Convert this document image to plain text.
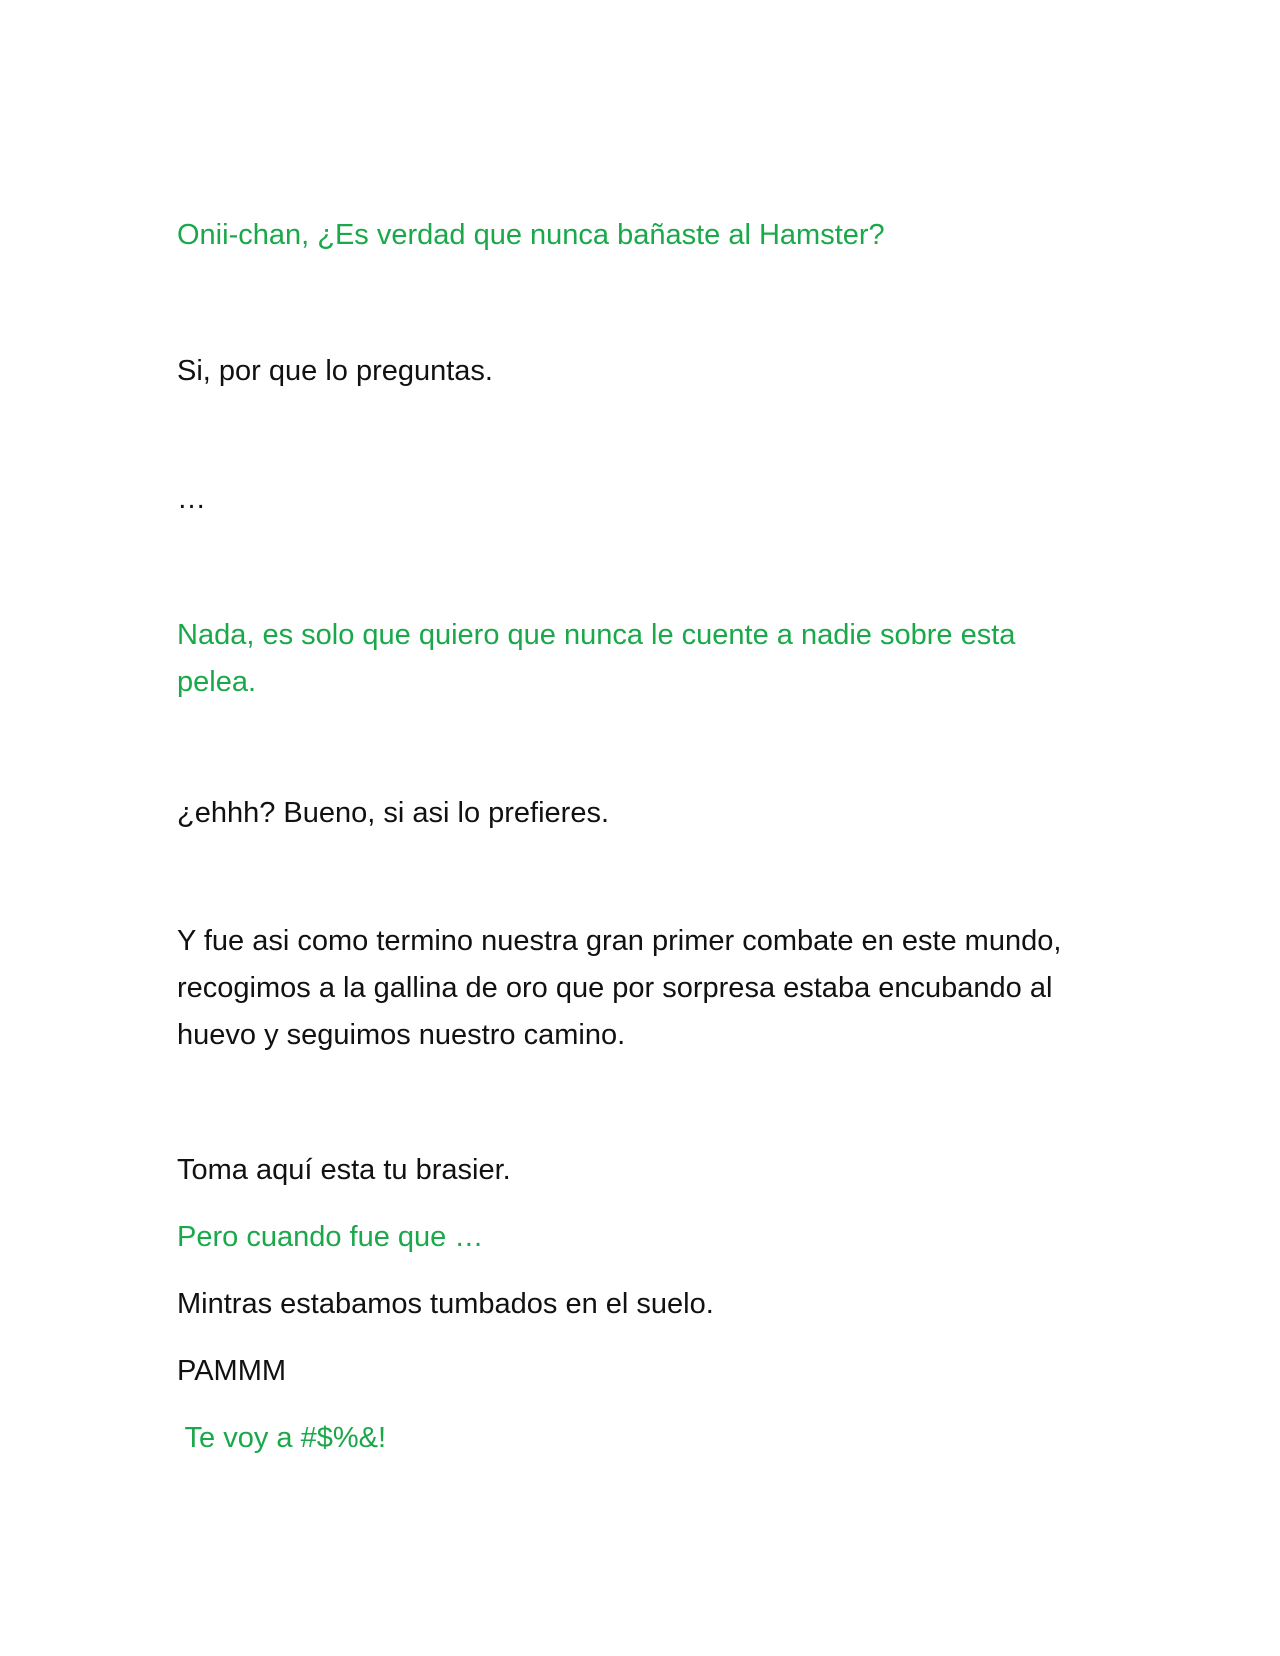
Onii-chan, ¿Es verdad que nunca bañaste al Hamster?

Si, por que lo preguntas.

…

Nada, es solo que quiero que nunca le cuente a nadie sobre esta pelea.

¿ehhh? Bueno, si asi lo prefieres.

Y fue asi como termino nuestra gran primer combate en este mundo, recogimos a la gallina de oro que por sorpresa estaba encubando al huevo y seguimos nuestro camino.

Toma aquí esta tu brasier.

Pero cuando fue que …

Mintras estabamos tumbados en el suelo.

PAMMM

Te voy a #$%&!
